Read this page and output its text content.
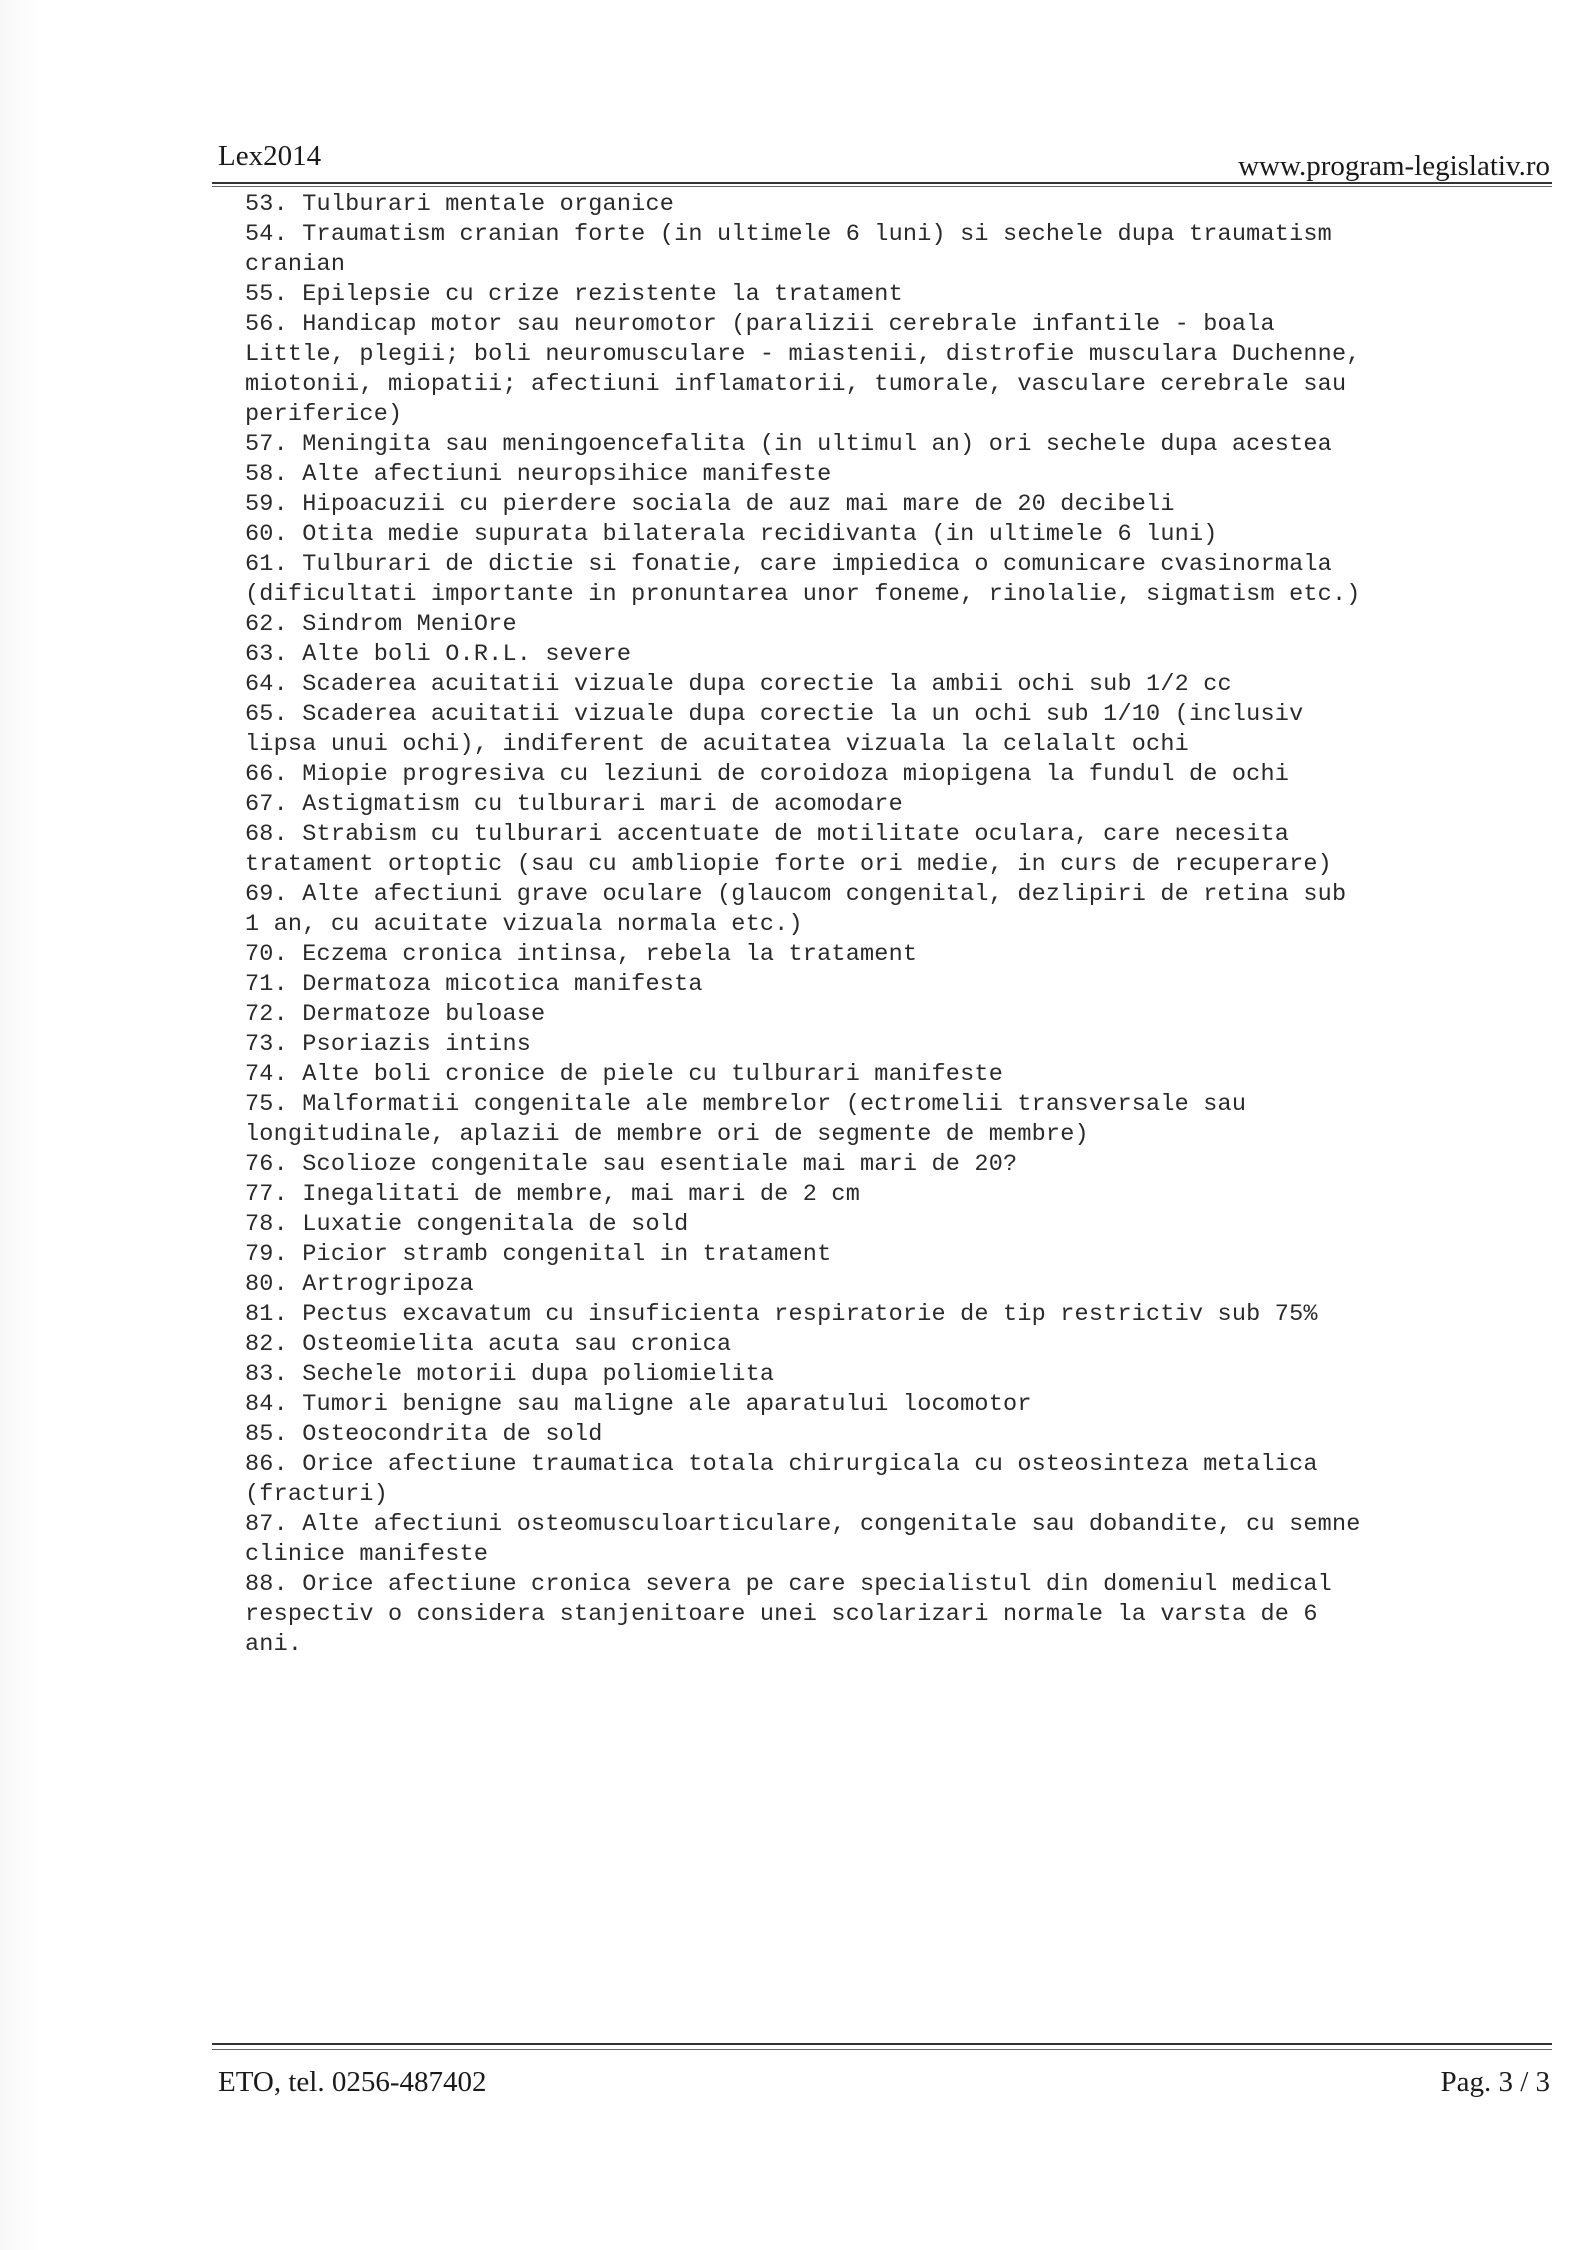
Lex2014	www.program-legislativ.ro

53. Tulburari mentale organice

54. Traumatism cranian forte (in ultimele 6 luni) si sechele dupa traumatism
cranian

55. Epilepsie cu crize rezistente la tratament

56. Handicap motor sau neuromotor (paralizii cerebrale infantile - boala
Little, plegii; boli neuromusculare - miastenii, distrofie musculara Duchenne,
miotonii, miopatii; afectiuni inflamatorii, tumorale, vasculare cerebrale sau
periferice)

57. Meningita sau meningoencefalita (in ultimul an) ori sechele dupa acestea

58. Alte afectiuni neuropsihice manifeste

59. Hipoacuzii cu pierdere sociala de auz mai mare de 20 decibeli

60. Otita medie supurata bilaterala recidivanta (in ultimele 6 luni)

61. Tulburari de dictie si fonatie, care impiedica o comunicare cvasinormala
(dificultati importante in pronuntarea unor foneme, rinolalie, sigmatism etc.)

62. Sindrom MeniOre

63. Alte boli O.R.L. severe

64. Scaderea acuitatii vizuale dupa corectie la ambii ochi sub 1/2 cc

65. Scaderea acuitatii vizuale dupa corectie la un ochi sub 1/10 (inclusiv
lipsa unui ochi), indiferent de acuitatea vizuala la celalalt ochi

66. Miopie progresiva cu leziuni de coroidoza miopigena la fundul de ochi

67. Astigmatism cu tulburari mari de acomodare

68. Strabism cu tulburari accentuate de motilitate oculara, care necesita
tratament ortoptic (sau cu ambliopie forte ori medie, in curs de recuperare)

69. Alte afectiuni grave oculare (glaucom congenital, dezlipiri de retina sub
1 an, cu acuitate vizuala normala etc.)

70. Eczema cronica intinsa, rebela la tratament

71. Dermatoza micotica manifesta

72. Dermatoze buloase

73. Psoriazis intins

74. Alte boli cronice de piele cu tulburari manifeste

75. Malformatii congenitale ale membrelor (ectromelii transversale sau
longitudinale, aplazii de membre ori de segmente de membre)

76. Scolioze congenitale sau esentiale mai mari de 20?

77. Inegalitati de membre, mai mari de 2 cm

78. Luxatie congenitala de sold

79. Picior stramb congenital in tratament

80. Artrogripoza

81. Pectus excavatum cu insuficienta respiratorie de tip restrictiv sub 75%

82. Osteomielita acuta sau cronica

83. Sechele motorii dupa poliomielita

84. Tumori benigne sau maligne ale aparatului locomotor

85. Osteocondrita de sold

86. Orice afectiune traumatica totala chirurgicala cu osteosinteza metalica
(fracturi)

87. Alte afectiuni osteomusculoarticulare, congenitale sau dobandite, cu semne
clinice manifeste

88. Orice afectiune cronica severa pe care specialistul din domeniul medical
respectiv o considera stanjenitoare unei scolarizari normale la varsta de 6
ani.

ETO, tel. 0256-487402	Pag. 3 / 3
